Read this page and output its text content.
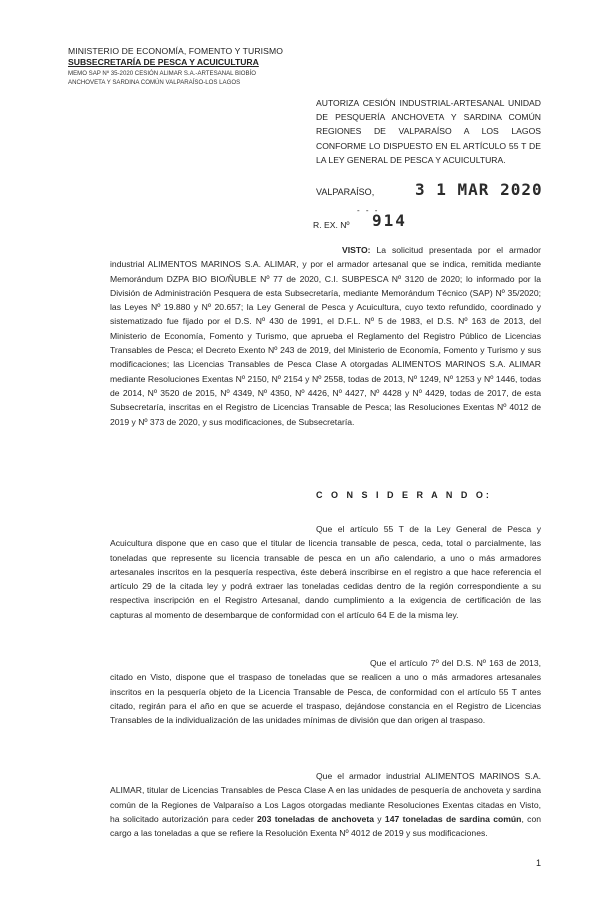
MINISTERIO DE ECONOMÍA, FOMENTO Y TURISMO
SUBSECRETARÍA DE PESCA Y ACUICULTURA
MEMO SAP Nº 35-2020 CESIÓN ALIMAR S.A.-ARTESANAL BIOBÍO
ANCHOVETA Y SARDINA COMÚN VALPARAÍSO-LOS LAGOS
AUTORIZA CESIÓN INDUSTRIAL-ARTESANAL UNIDAD DE PESQUERÍA ANCHOVETA Y SARDINA COMÚN REGIONES DE VALPARAÍSO A LOS LAGOS CONFORME LO DISPUESTO EN EL ARTÍCULO 55 T DE LA LEY GENERAL DE PESCA Y ACUICULTURA.
VALPARAÍSO,	3 1 MAR 2020
- - -
R. EX. Nº 914
VISTO: La solicitud presentada por el armador industrial ALIMENTOS MARINOS S.A. ALIMAR, y por el armador artesanal que se indica, remitida mediante Memorándum DZPA BIO BIO/ÑUBLE Nº 77 de 2020, C.I. SUBPESCA Nº 3120 de 2020; lo informado por la División de Administración Pesquera de esta Subsecretaría, mediante Memorándum Técnico (SAP) Nº 35/2020; las Leyes Nº 19.880 y Nº 20.657; la Ley General de Pesca y Acuicultura, cuyo texto refundido, coordinado y sistematizado fue fijado por el D.S. Nº 430 de 1991, el D.F.L. Nº 5 de 1983, el D.S. Nº 163 de 2013, del Ministerio de Economía, Fomento y Turismo, que aprueba el Reglamento del Registro Público de Licencias Transables de Pesca; el Decreto Exento Nº 243 de 2019, del Ministerio de Economía, Fomento y Turismo y sus modificaciones; las Licencias Transables de Pesca Clase A otorgadas ALIMENTOS MARINOS S.A. ALIMAR mediante Resoluciones Exentas Nº 2150, Nº 2154 y Nº 2558, todas de 2013, Nº 1249, Nº 1253 y Nº 1446, todas de 2014, Nº 3520 de 2015, Nº 4349, Nº 4350, Nº 4426, Nº 4427, Nº 4428 y Nº 4429, todas de 2017, de esta Subsecretaría, inscritas en el Registro de Licencias Transable de Pesca; las Resoluciones Exentas Nº 4012 de 2019 y Nº 373 de 2020, y sus modificaciones, de Subsecretaría.
C O N S I D E R A N D O:
Que el artículo 55 T de la Ley General de Pesca y Acuicultura dispone que en caso que el titular de licencia transable de pesca, ceda, total o parcialmente, las toneladas que represente su licencia transable de pesca en un año calendario, a uno o más armadores artesanales inscritos en la pesquería respectiva, éste deberá inscribirse en el registro a que hace referencia el artículo 29 de la citada ley y podrá extraer las toneladas cedidas dentro de la región correspondiente a su respectiva inscripción en el Registro Artesanal, dando cumplimiento a la exigencia de certificación de las capturas al momento de desembarque de conformidad con el artículo 64 E de la misma ley.
Que el artículo 7º del D.S. Nº 163 de 2013, citado en Visto, dispone que el traspaso de toneladas que se realicen a uno o más armadores artesanales inscritos en la pesquería objeto de la Licencia Transable de Pesca, de conformidad con el artículo 55 T antes citado, regirán para el año en que se acuerde el traspaso, dejándose constancia en el Registro de Licencias Transables de la individualización de las unidades mínimas de división que dan origen al traspaso.
Que el armador industrial ALIMENTOS MARINOS S.A. ALIMAR, titular de Licencias Transables de Pesca Clase A en las unidades de pesquería de anchoveta y sardina común de la Regiones de Valparaíso a Los Lagos otorgadas mediante Resoluciones Exentas citadas en Visto, ha solicitado autorización para ceder 203 toneladas de anchoveta y 147 toneladas de sardina común, con cargo a las toneladas a que se refiere la Resolución Exenta Nº 4012 de 2019 y sus modificaciones.
1
